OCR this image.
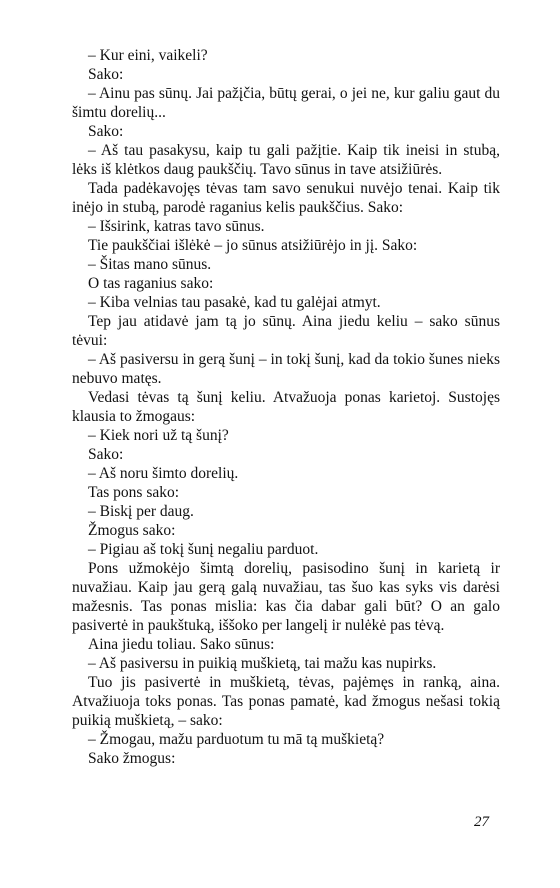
– Kur eini, vaikeli?

Sako:

– Ainu pas sūnų. Jai pažįčia, būtų gerai, o jei ne, kur galiu gaut du šimtu dorelių...

Sako:

– Aš tau pasakysu, kaip tu gali pažįtie. Kaip tik ineisi in stubą, lėks iš klėtkos daug paukščių. Tavo sūnus in tave atsižiūrės.

Tada padėkavojęs tėvas tam savo senukui nuvėjo tenai. Kaip tik inėjo in stubą, parodė raganius kelis paukščius. Sako:

– Išsirink, katras tavo sūnus.

Tie paukščiai išlėkė – jo sūnus atsižiūrėjo in jį. Sako:

– Šitas mano sūnus.

O tas raganius sako:

– Kiba velnias tau pasakė, kad tu galėjai atmyt.

Tep jau atidavė jam tą jo sūnų. Aina jiedu keliu – sako sūnus tėvui:

– Aš pasiversu in gerą šunį – in tokį šunį, kad da tokio šunes nieks nebuvo matęs.

Vedasi tėvas tą šunį keliu. Atvažuoja ponas karietoj. Sustojęs klausia to žmogaus:

– Kiek nori už tą šunį?

Sako:

– Aš noru šimto dorelių.

Tas pons sako:

– Biskį per daug.

Žmogus sako:

– Pigiau aš tokį šunį negaliu parduot.

Pons užmokėjo šimtą dorelių, pasisodino šunį in karietą ir nuvažiau. Kaip jau gerą galą nuvažiau, tas šuo kas syks vis darėsi mažesnis. Tas ponas mislia: kas čia dabar gali būt? O an galo pasivertė in paukštuką, iššoko per langelį ir nulėkė pas tėvą.

Aina jiedu toliau. Sako sūnus:

– Aš pasiversu in puikią muškietą, tai mažu kas nupirks.

Tuo jis pasivertė in muškietą, tėvas, pajėmęs in ranką, aina. Atvažiuoja toks ponas. Tas ponas pamatė, kad žmogus nešasi tokią puikią muškietą, – sako:

– Žmogau, mažu parduotum tu mā tą muškietą?

Sako žmogus:

27
